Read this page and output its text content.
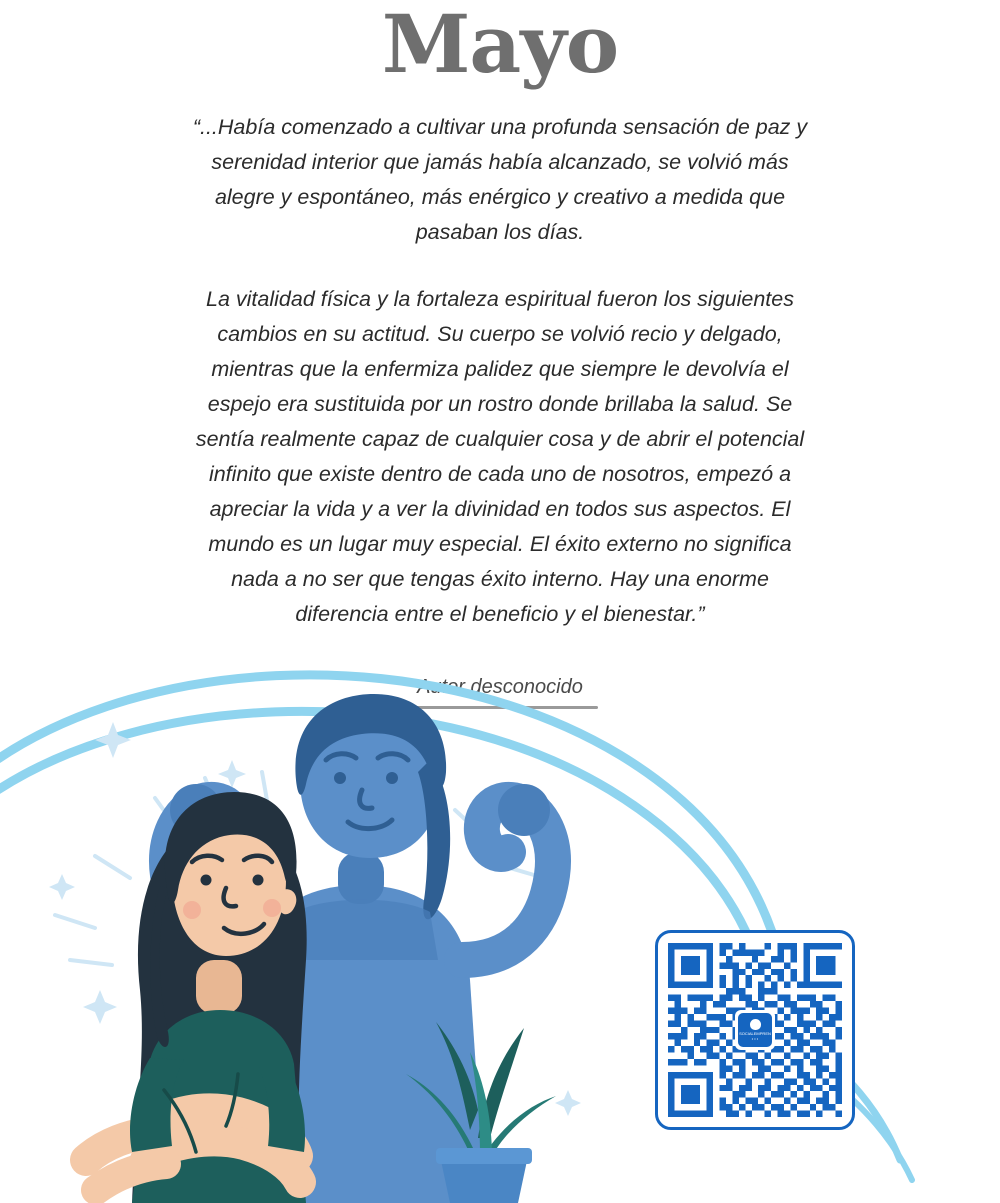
Mayo

“...Había comenzado a cultivar una profunda sensación de paz y serenidad interior que jamás había alcanzado, se volvió más alegre y espontáneo, más enérgico y creativo a medida que pasaban los días.

La vitalidad física y la fortaleza espiritual fueron los siguientes cambios en su actitud. Su cuerpo se volvió recio y delgado, mientras que la enfermiza palidez que siempre le devolvía el espejo era sustituida por un rostro donde brillaba la salud. Se sentía realmente capaz de cualquier cosa y de abrir el potencial infinito que existe dentro de cada uno de nosotros, empezó a apreciar la vida y a ver la divinidad en todos sus aspectos. El mundo es un lugar muy especial. El éxito externo no significa nada a no ser que tengas éxito interno. Hay una enorme diferencia entre el beneficio y el bienestar.”

Autor desconocido
SOCIALEMPREN
• • •
